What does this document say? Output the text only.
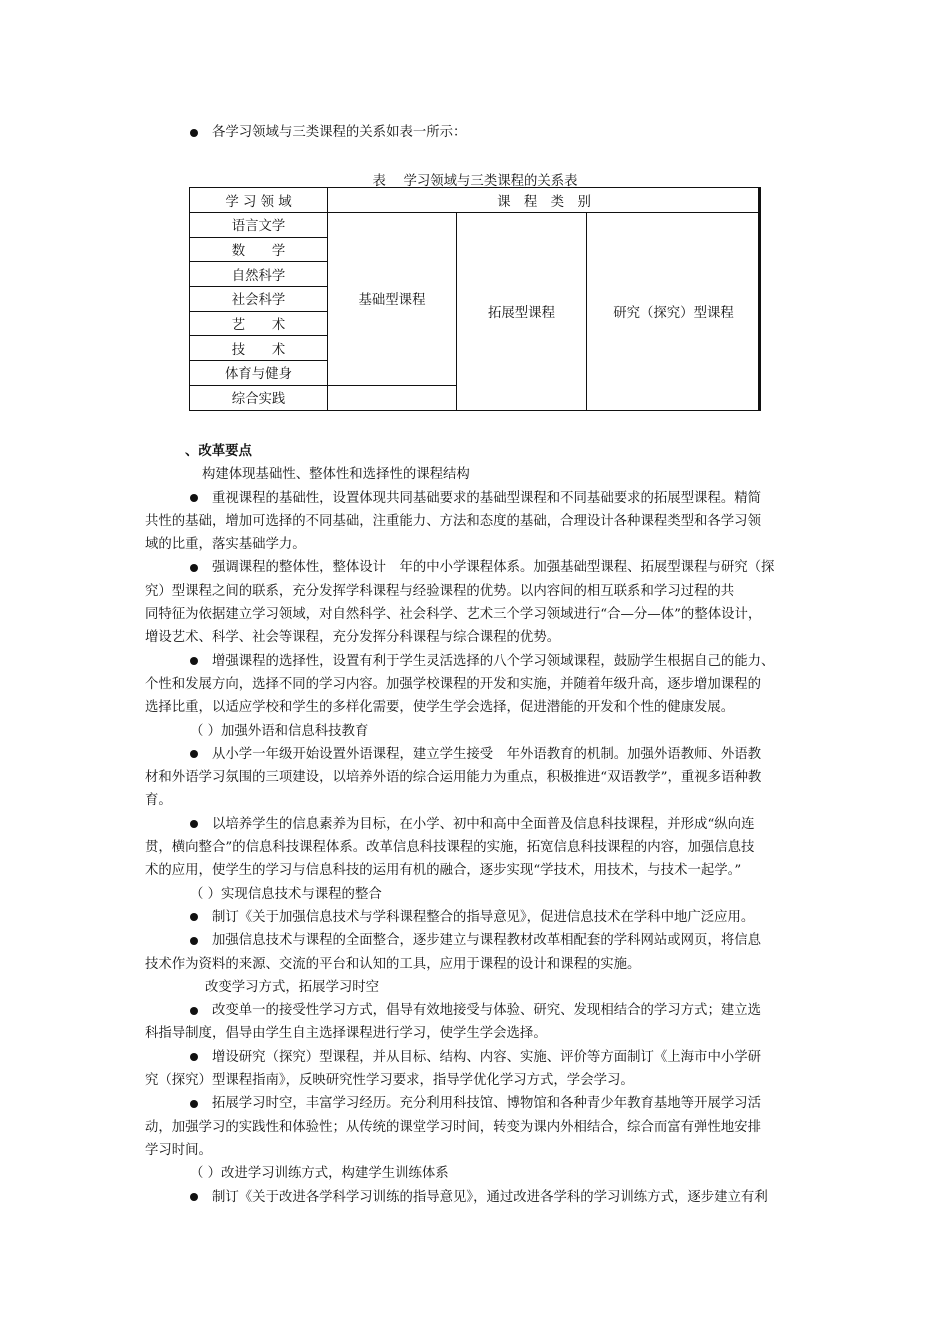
各学习领域与三类课程的关系如表一所示：
表　 学习领域与三类课程的关系表
学 习 领 域	课　程　类　别		
语言文学	基础型课程	拓展型课程	研究（探究）型课程
数　　学			
自然科学			
社会科学			
艺　　术			
技　　术			
体育与健身			
综合实践			
、改革要点
构建体现基础性、整体性和选择性的课程结构
重视课程的基础性，设置体现共同基础要求的基础型课程和不同基础要求的拓展型课程。精简
共性的基础，增加可选择的不同基础，注重能力、方法和态度的基础，合理设计各种课程类型和各学习领
域的比重，落实基础学力。
强调课程的整体性，整体设计　年的中小学课程体系。加强基础型课程、拓展型课程与研究（探
究）型课程之间的联系，充分发挥学科课程与经验课程的优势。以内容间的相互联系和学习过程的共
同特征为依据建立学习领域，对自然科学、社会科学、艺术三个学习领域进行“合—分—体”的整体设计，
增设艺术、科学、社会等课程，充分发挥分科课程与综合课程的优势。
增强课程的选择性，设置有利于学生灵活选择的八个学习领域课程，鼓励学生根据自己的能力、
个性和发展方向，选择不同的学习内容。加强学校课程的开发和实施，并随着年级升高，逐步增加课程的
选择比重，以适应学校和学生的多样化需要，使学生学会选择，促进潜能的开发和个性的健康发展。
（ ）加强外语和信息科技教育
从小学一年级开始设置外语课程，建立学生接受　年外语教育的机制。加强外语教师、外语教
材和外语学习氛围的三项建设，以培养外语的综合运用能力为重点，积极推进“双语教学”，重视多语种教
育。
以培养学生的信息素养为目标，在小学、初中和高中全面普及信息科技课程，并形成“纵向连
贯，横向整合”的信息科技课程体系。改革信息科技课程的实施，拓宽信息科技课程的内容，加强信息技
术的应用，使学生的学习与信息科技的运用有机的融合，逐步实现“学技术，用技术，与技术一起学。”
（ ）实现信息技术与课程的整合
制订《关于加强信息技术与学科课程整合的指导意见》，促进信息技术在学科中地广泛应用。
加强信息技术与课程的全面整合，逐步建立与课程教材改革相配套的学科网站或网页，将信息
技术作为资料的来源、交流的平台和认知的工具，应用于课程的设计和课程的实施。
改变学习方式，拓展学习时空
改变单一的接受性学习方式，倡导有效地接受与体验、研究、发现相结合的学习方式；建立选
科指导制度，倡导由学生自主选择课程进行学习，使学生学会选择。
增设研究（探究）型课程，并从目标、结构、内容、实施、评价等方面制订《上海市中小学研
究（探究）型课程指南》，反映研究性学习要求，指导学优化学习方式，学会学习。
拓展学习时空，丰富学习经历。充分利用科技馆、博物馆和各种青少年教育基地等开展学习活
动，加强学习的实践性和体验性；从传统的课堂学习时间，转变为课内外相结合，综合而富有弹性地安排
学习时间。
（ ）改进学习训练方式，构建学生训练体系
制订《关于改进各学科学习训练的指导意见》，通过改进各学科的学习训练方式，逐步建立有利
